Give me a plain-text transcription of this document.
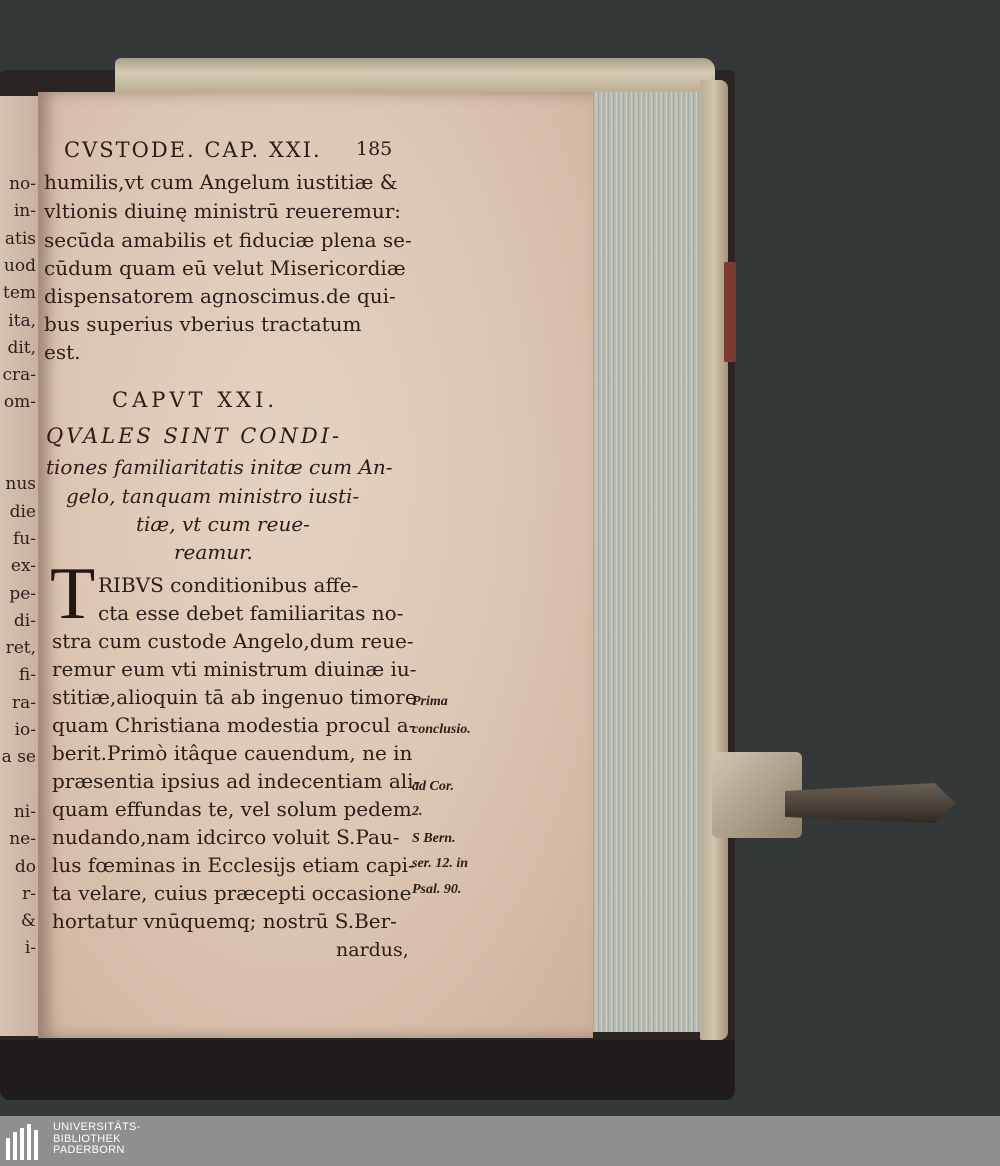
no-
in-
atis
uod
tem
ita,
dit,
cra-
om-
nus
die
fu-
ex-
pe-
di-
ret,
fi-
ra-
io-
a se
ni-
ne-
do
r-
&
i-
CVSTODE. CAP. XXI. 185
humilis,vt cum Angelum iustitiæ &
vltionis diuinę ministrū reueremur:
secūda amabilis et fiduciæ plena se-
cūdum quam eū velut Misericordiæ
dispensatorem agnoscimus.de qui-
bus superius vberius tractatum
est.
CAPVT XXI.
QVALES SINT CONDI-
tiones familiaritatis initæ cum An-
gelo, tanquam ministro iusti-
tiæ, vt cum reue-
reamur.
T RIBVS conditionibus affe-
cta esse debet familiaritas no-
stra cum custode Angelo,dum reue-
remur eum vti ministrum diuinæ iu-
stitiæ,alioquin tā ab ingenuo timore
quam Christiana modestia procul a-
berit.Primò itâque cauendum, ne in
præsentia ipsius ad indecentiam ali-
quam effundas te, vel solum pedem
nudando,nam idcirco voluit S.Pau-
lus fœminas in Ecclesijs etiam capi-
ta velare, cuius præcepti occasione
hortatur vnūquemq; nostrū S.Ber-
nardus,
Prima
conclusio.
ad Cor.
2.
S Bern.
ser. 12. in
Psal. 90.
UNIVERSITÄTS-
BIBLIOTHEK
PADERBORN
